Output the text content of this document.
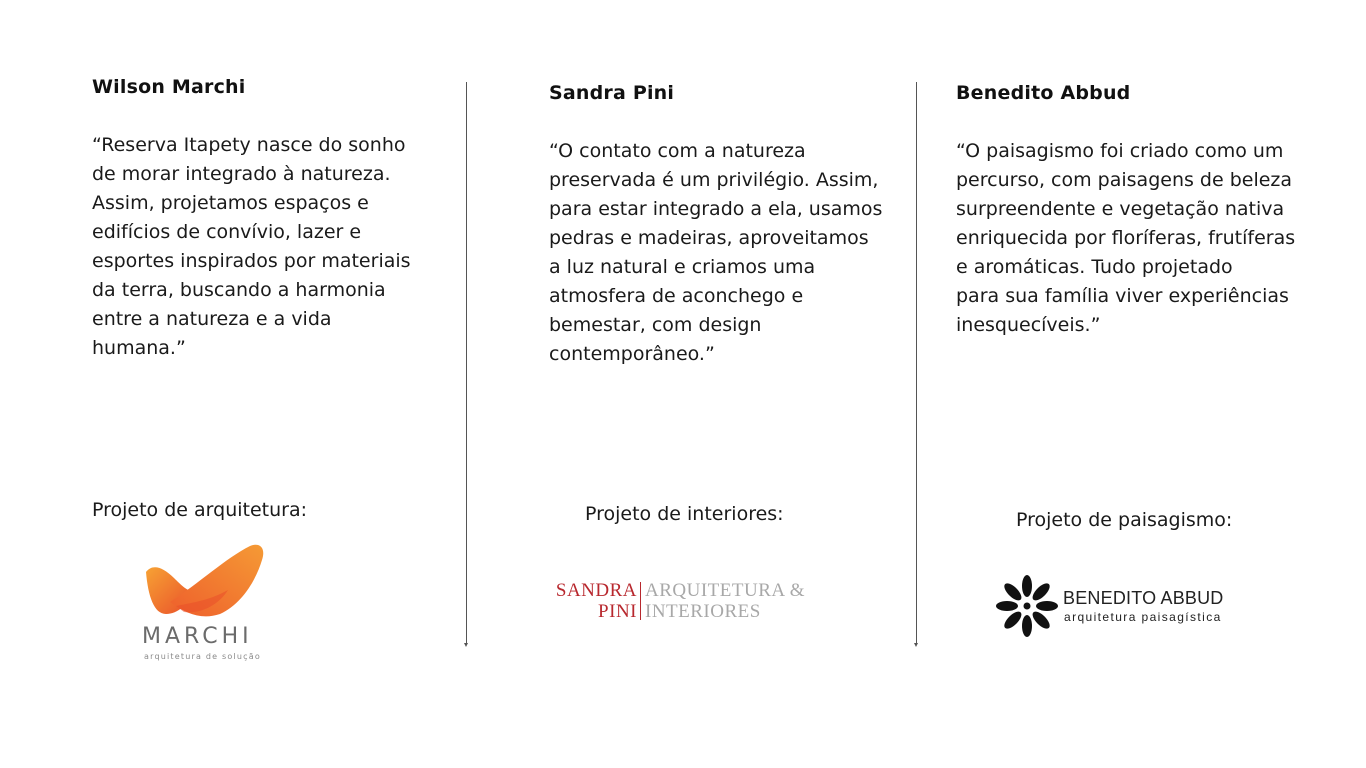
Wilson Marchi

“Reserva Itapety nasce do sonho
de morar integrado à natureza.
Assim, projetamos espaços e
edifícios de convívio, lazer e
esportes inspirados por materiais
da terra, buscando a harmonia
entre a natureza e a vida
humana.”

Projeto de arquitetura:
MARCHI
arquitetura de solução
Sandra Pini

“O contato com a natureza
preservada é um privilégio. Assim,
para estar integrado a ela, usamos
pedras e madeiras, aproveitamos
a luz natural e criamos uma
atmosfera de aconchego e
bemestar, com design
contemporâneo.”

Projeto de interiores:
SANDRA
PINI
ARQUITETURA &
INTERIORES
Benedito Abbud

“O paisagismo foi criado como um
percurso, com paisagens de beleza
surpreendente e vegetação nativa
enriquecida por floríferas, frutíferas
e aromáticas. Tudo projetado
para sua família viver experiências
inesquecíveis.”

Projeto de paisagismo:
BENEDITO ABBUD
arquitetura paisagística
